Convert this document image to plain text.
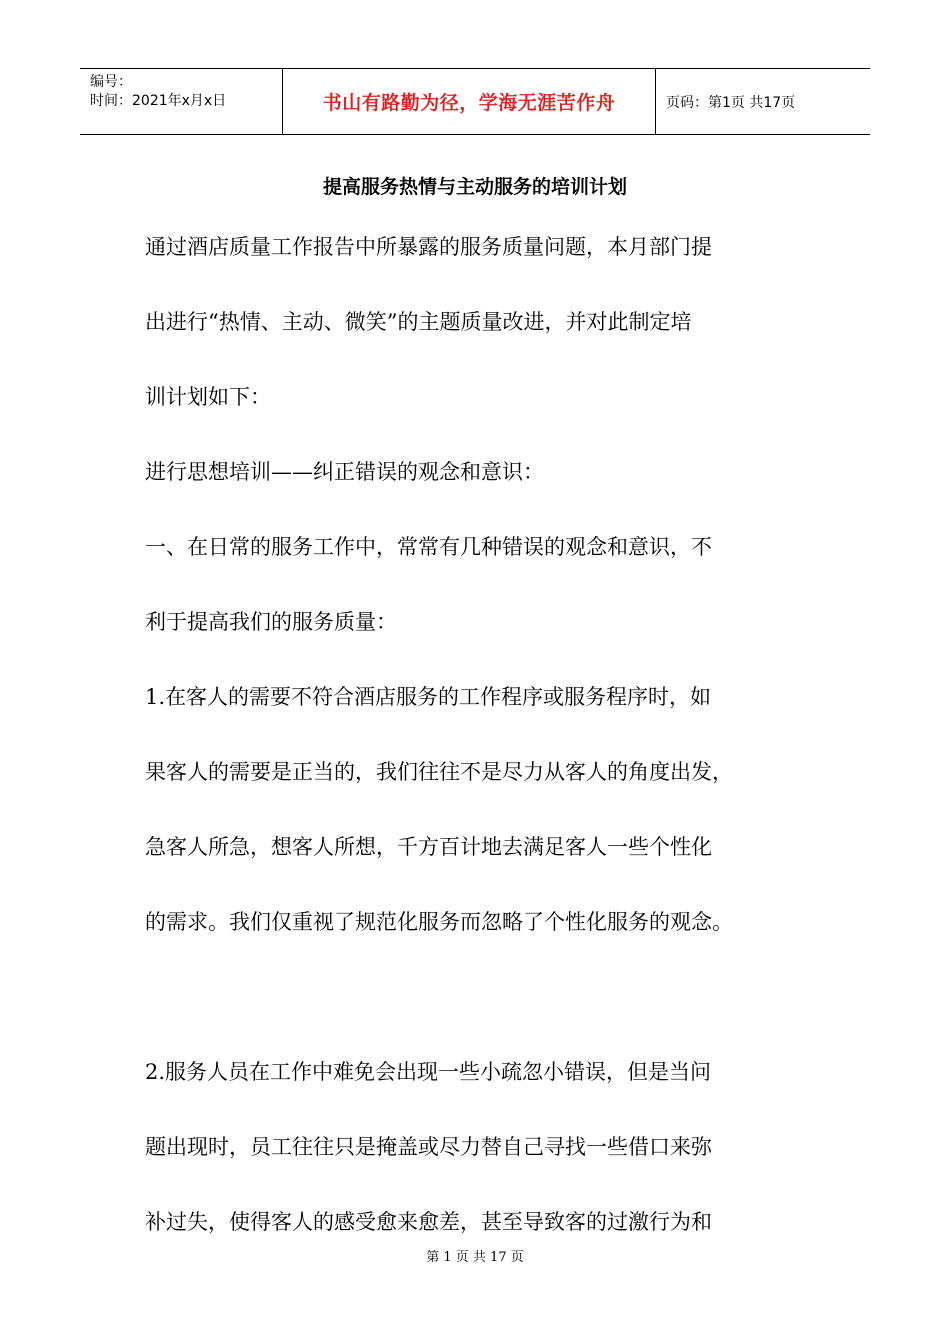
编号：
时间：2021年x月x日	书山有路勤为径，学海无涯苦作舟	页码：第1页 共17页
提高服务热情与主动服务的培训计划

通过酒店质量工作报告中所暴露的服务质量问题，本月部门提

出进行“热情、主动、微笑”的主题质量改进，并对此制定培

训计划如下：

进行思想培训——纠正错误的观念和意识：

一、在日常的服务工作中，常常有几种错误的观念和意识，不

利于提高我们的服务质量：

1.在客人的需要不符合酒店服务的工作程序或服务程序时，如

果客人的需要是正当的，我们往往不是尽力从客人的角度出发，

急客人所急，想客人所想，千方百计地去满足客人一些个性化

的需求。我们仅重视了规范化服务而忽略了个性化服务的观念。

2.服务人员在工作中难免会出现一些小疏忽小错误，但是当问

题出现时，员工往往只是掩盖或尽力替自己寻找一些借口来弥

补过失，使得客人的感受愈来愈差，甚至导致客的过激行为和

第 1 页 共 17 页
